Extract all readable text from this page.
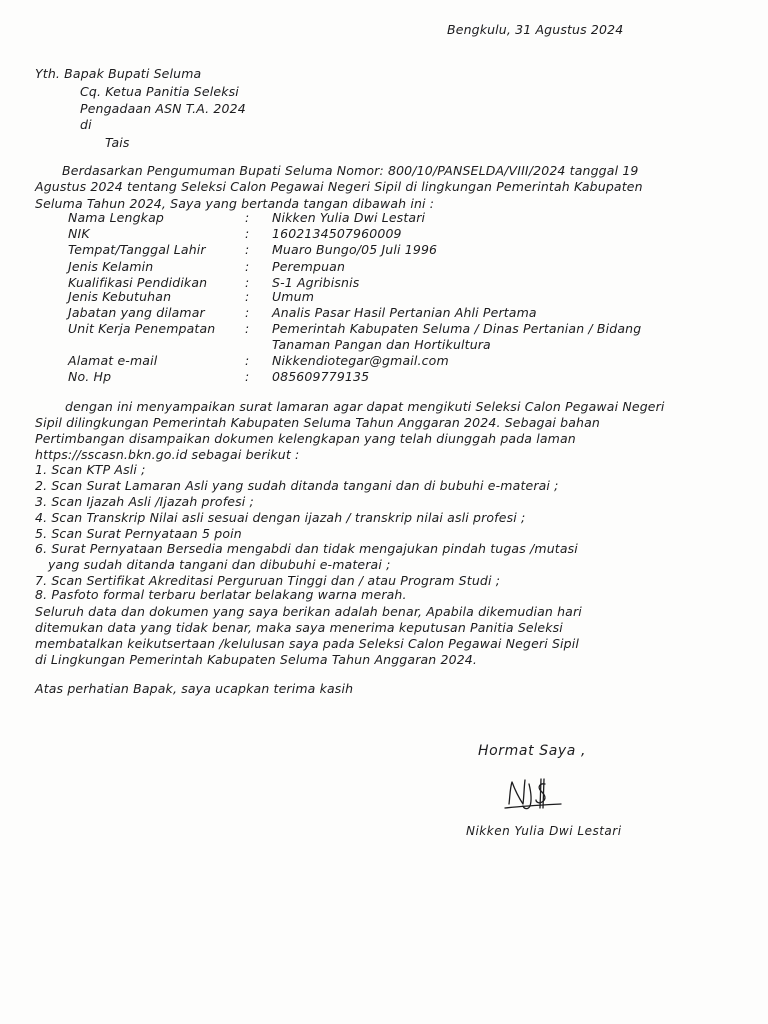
Bengkulu, 31 Agustus 2024
Yth. Bapak Bupati Seluma
Cq. Ketua Panitia Seleksi
Pengadaan ASN T.A. 2024
di
Tais
Berdasarkan Pengumuman Bupati Seluma Nomor: 800/10/PANSELDA/VIII/2024 tanggal 19
Agustus 2024 tentang Seleksi Calon Pegawai Negeri Sipil di lingkungan Pemerintah Kabupaten
Seluma Tahun 2024, Saya yang bertanda tangan dibawah ini :
Nama Lengkap	: Nikken Yulia Dwi Lestari
NIK	: 1602134507960009
Tempat/Tanggal Lahir	: Muaro Bungo/05 Juli 1996
Jenis Kelamin	: Perempuan
Kualifikasi Pendidikan	: S-1 Agribisnis
Jenis Kebutuhan	: Umum
Jabatan yang dilamar	: Analis Pasar Hasil Pertanian Ahli Pertama
Unit Kerja Penempatan : Pemerintah Kabupaten Seluma / Dinas Pertanian / Bidang
Tanaman Pangan dan Hortikultura
Alamat e-mail	: Nikkendiotegar@gmail.com
No. Hp	: 085609779135
dengan ini menyampaikan surat lamaran agar dapat mengikuti Seleksi Calon Pegawai Negeri
Sipil dilingkungan Pemerintah Kabupaten Seluma Tahun Anggaran 2024. Sebagai bahan
Pertimbangan disampaikan dokumen kelengkapan yang telah diunggah pada laman
https://sscasn.bkn.go.id sebagai berikut :
1. Scan KTP Asli ;
2. Scan Surat Lamaran Asli yang sudah ditanda tangani dan di bubuhi e-materai ;
3. Scan Ijazah Asli /Ijazah profesi ;
4. Scan Transkrip Nilai asli sesuai dengan ijazah / transkrip nilai asli profesi ;
5. Scan Surat Pernyataan 5 poin
6. Surat Pernyataan Bersedia mengabdi dan tidak mengajukan pindah tugas /mutasi
yang sudah ditanda tangani dan dibubuhi e-materai ;
7. Scan Sertifikat Akreditasi Perguruan Tinggi dan / atau Program Studi ;
8. Pasfoto formal terbaru berlatar belakang warna merah.
Seluruh data dan dokumen yang saya berikan adalah benar, Apabila dikemudian hari
ditemukan data yang tidak benar, maka saya menerima keputusan Panitia Seleksi
membatalkan keikutsertaan /kelulusan saya pada Seleksi Calon Pegawai Negeri Sipil
di Lingkungan Pemerintah Kabupaten Seluma Tahun Anggaran 2024.
Atas perhatian Bapak, saya ucapkan terima kasih
Hormat Saya ,
Nikken Yulia Dwi Lestari
